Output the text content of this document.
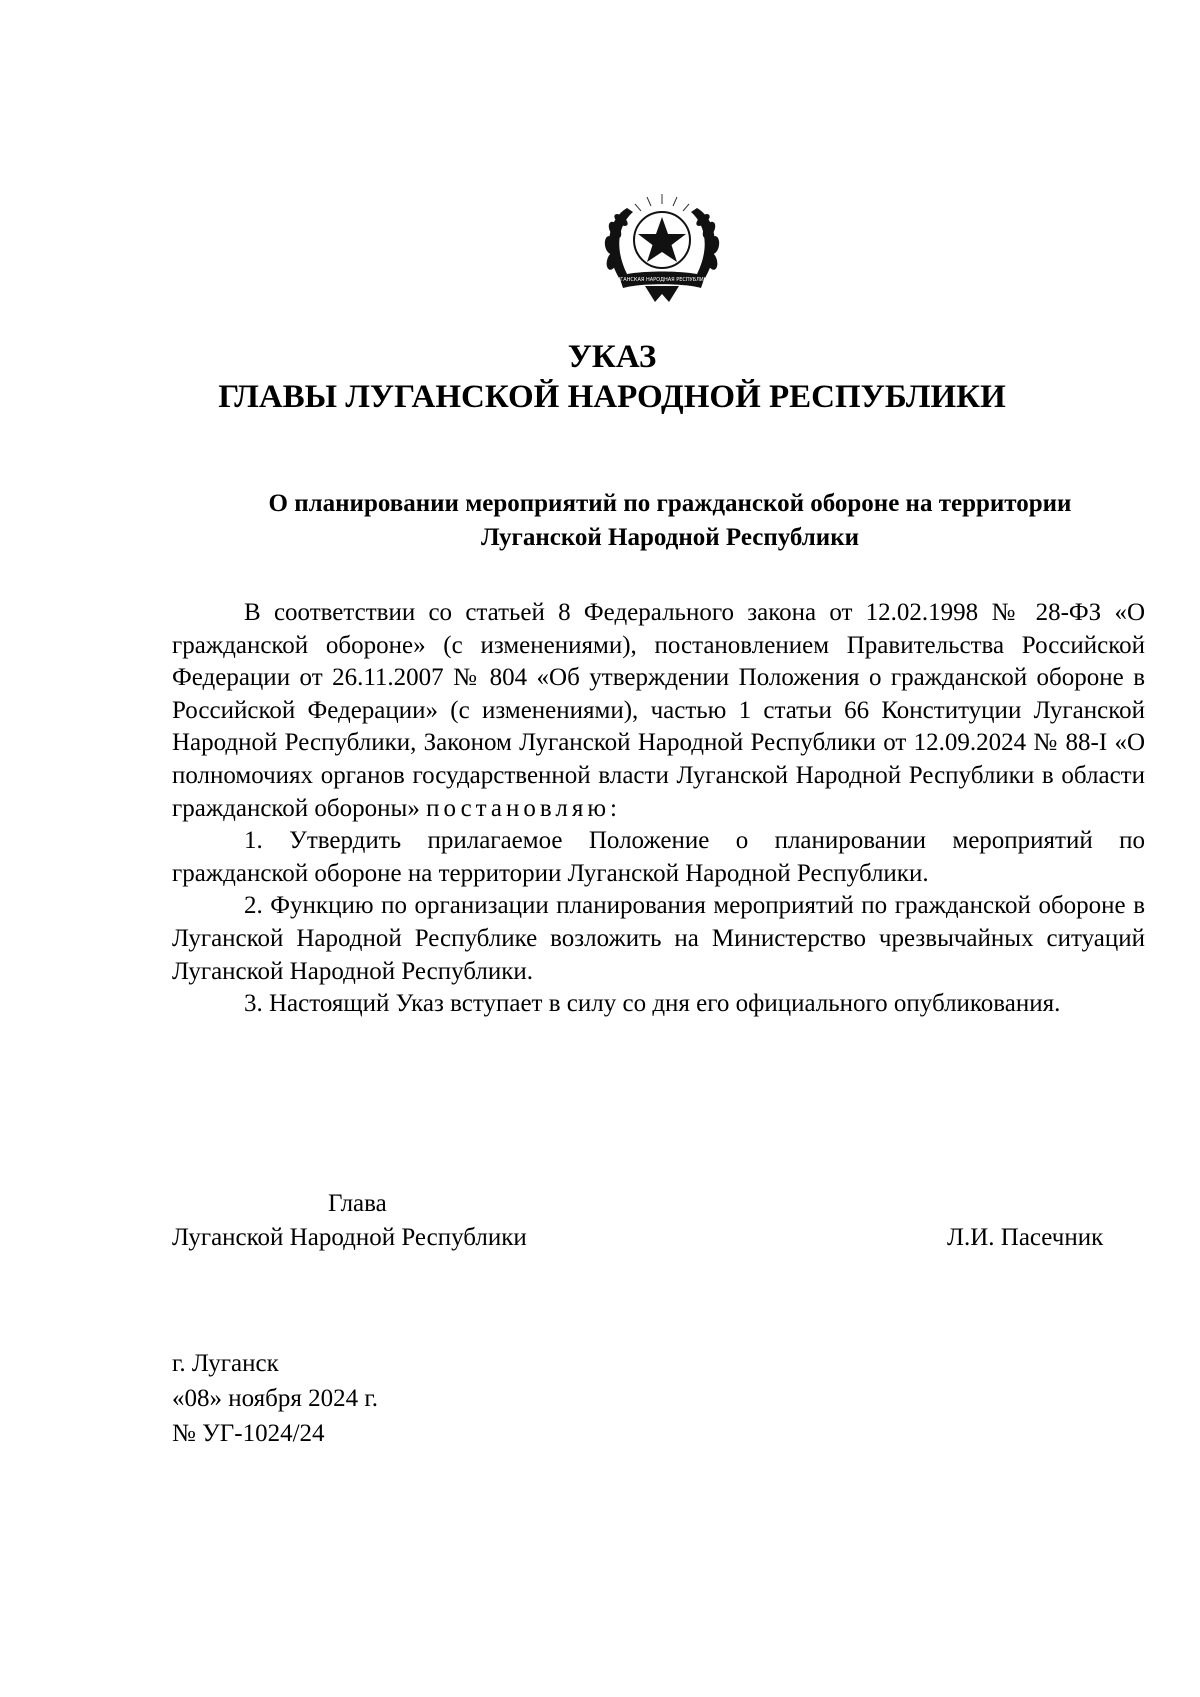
ЛУГАНСКАЯ НАРОДНАЯ РЕСПУБЛИКА
УКАЗ
ГЛАВЫ ЛУГАНСКОЙ НАРОДНОЙ РЕСПУБЛИКИ
О планировании мероприятий по гражданской обороне на территории
Луганской Народной Республики

В соответствии со статьей 8 Федерального закона от 12.02.1998 № 28-ФЗ «О гражданской обороне» (с изменениями), постановлением Правительства Российской Федерации от 26.11.2007 № 804 «Об утверждении Положения о гражданской обороне в Российской Федерации» (с изменениями), частью 1 статьи 66 Конституции Луганской Народной Республики, Законом Луганской Народной Республики от 12.09.2024 № 88-I «О полномочиях органов государственной власти Луганской Народной Республики в области гражданской обороны» постановляю:

1. Утвердить прилагаемое Положение о планировании мероприятий по гражданской обороне на территории Луганской Народной Республики.

2. Функцию по организации планирования мероприятий по гражданской обороне в Луганской Народной Республике возложить на Министерство чрезвычайных ситуаций Луганской Народной Республики.

3. Настоящий Указ вступает в силу со дня его официального опубликования.

Глава
Луганской Народной Республики	Л.И. Пасечник
г. Луганск
«08» ноября 2024 г.
№ УГ-1024/24
